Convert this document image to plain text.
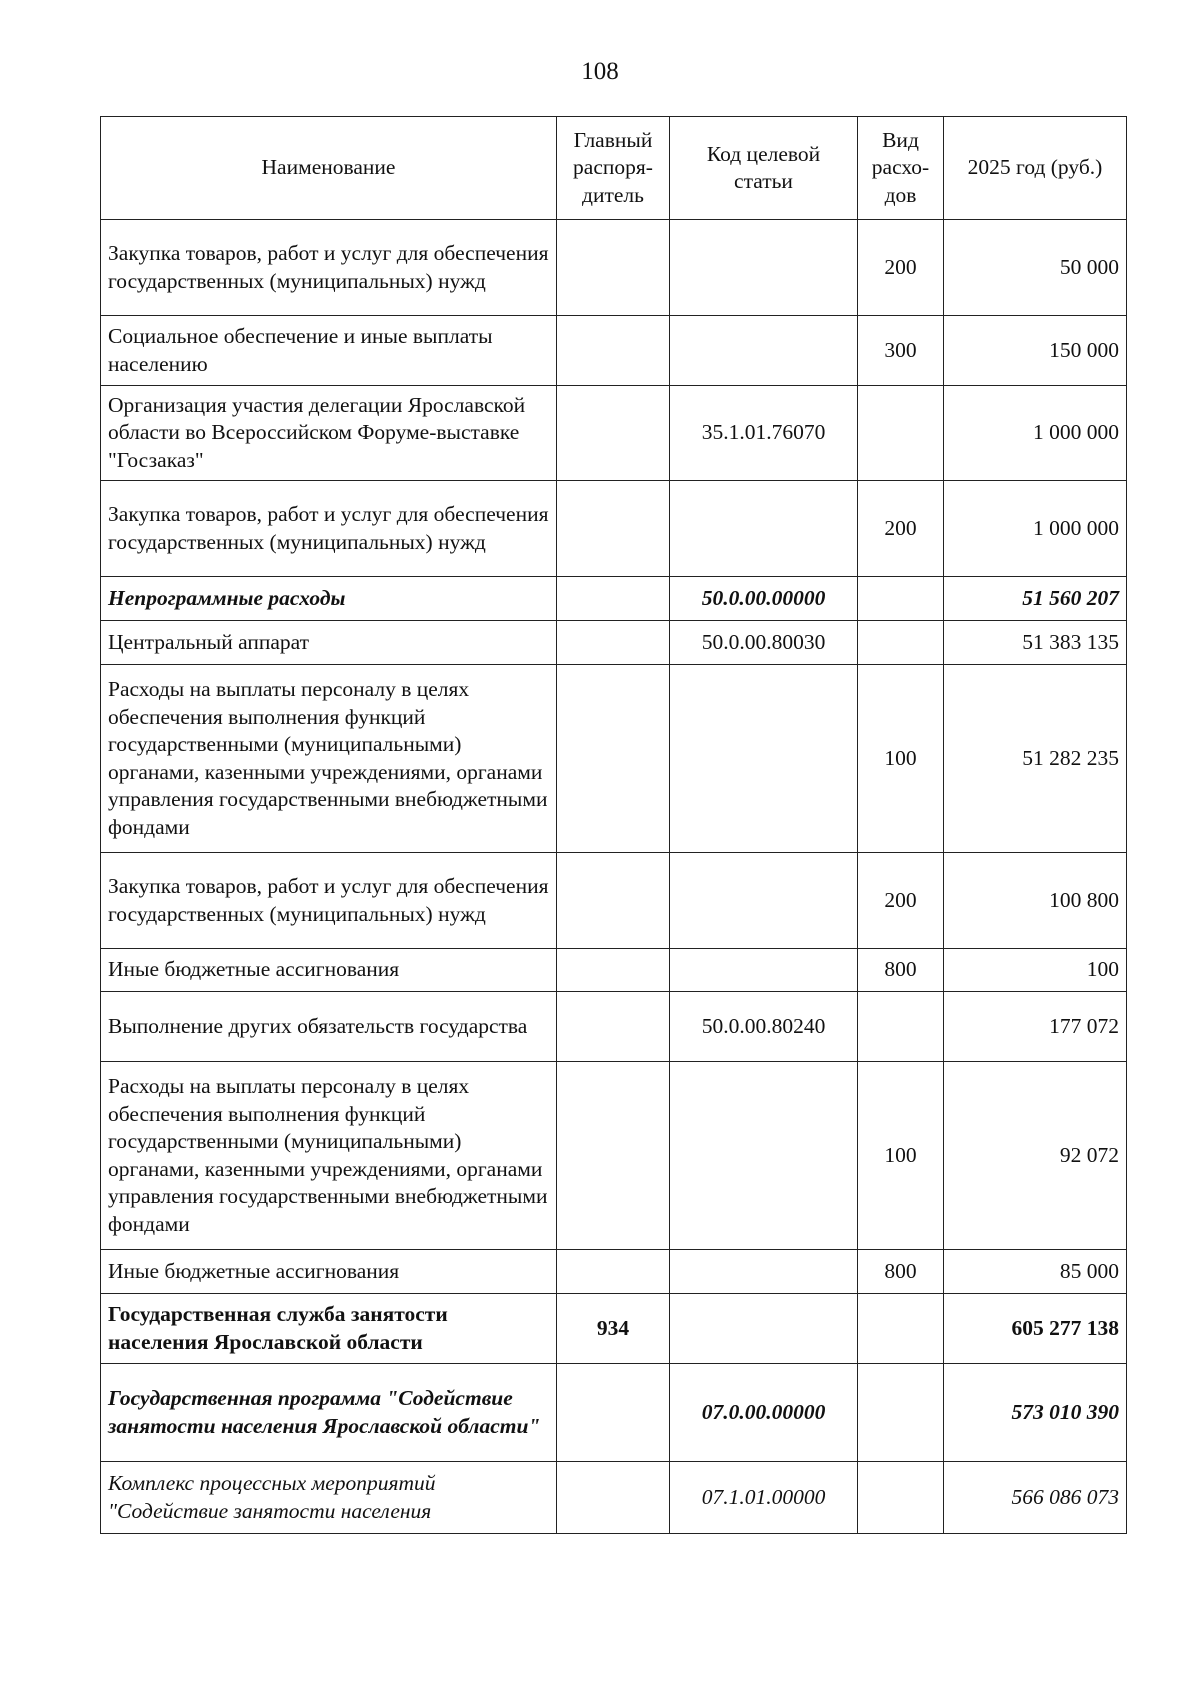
108
Наименование	Главный распоря-дитель	Код целевой статьи	Вид расхо-дов	2025 год (руб.)
Закупка товаров, работ и услуг для обеспечения государственных (муниципальных) нужд			200	50 000
Социальное обеспечение и иные выплаты населению			300	150 000
Организация участия делегации Ярославской области во Всероссийском Форуме-выставке "Госзаказ"		35.1.01.76070		1 000 000
Закупка товаров, работ и услуг для обеспечения государственных (муниципальных) нужд			200	1 000 000
Непрограммные расходы		50.0.00.00000		51 560 207
Центральный аппарат		50.0.00.80030		51 383 135
Расходы на выплаты персоналу в целях обеспечения выполнения функций государственными (муниципальными) органами, казенными учреждениями, органами управления государственными внебюджетными фондами			100	51 282 235
Закупка товаров, работ и услуг для обеспечения государственных (муниципальных) нужд			200	100 800
Иные бюджетные ассигнования			800	100
Выполнение других обязательств государства		50.0.00.80240		177 072
Расходы на выплаты персоналу в целях обеспечения выполнения функций государственными (муниципальными) органами, казенными учреждениями, органами управления государственными внебюджетными фондами			100	92 072
Иные бюджетные ассигнования			800	85 000
Государственная служба занятости населения Ярославской области	934			605 277 138
Государственная программа "Содействие занятости населения Ярославской области"		07.0.00.00000		573 010 390
Комплекс процессных мероприятий "Содействие занятости населения		07.1.01.00000		566 086 073
